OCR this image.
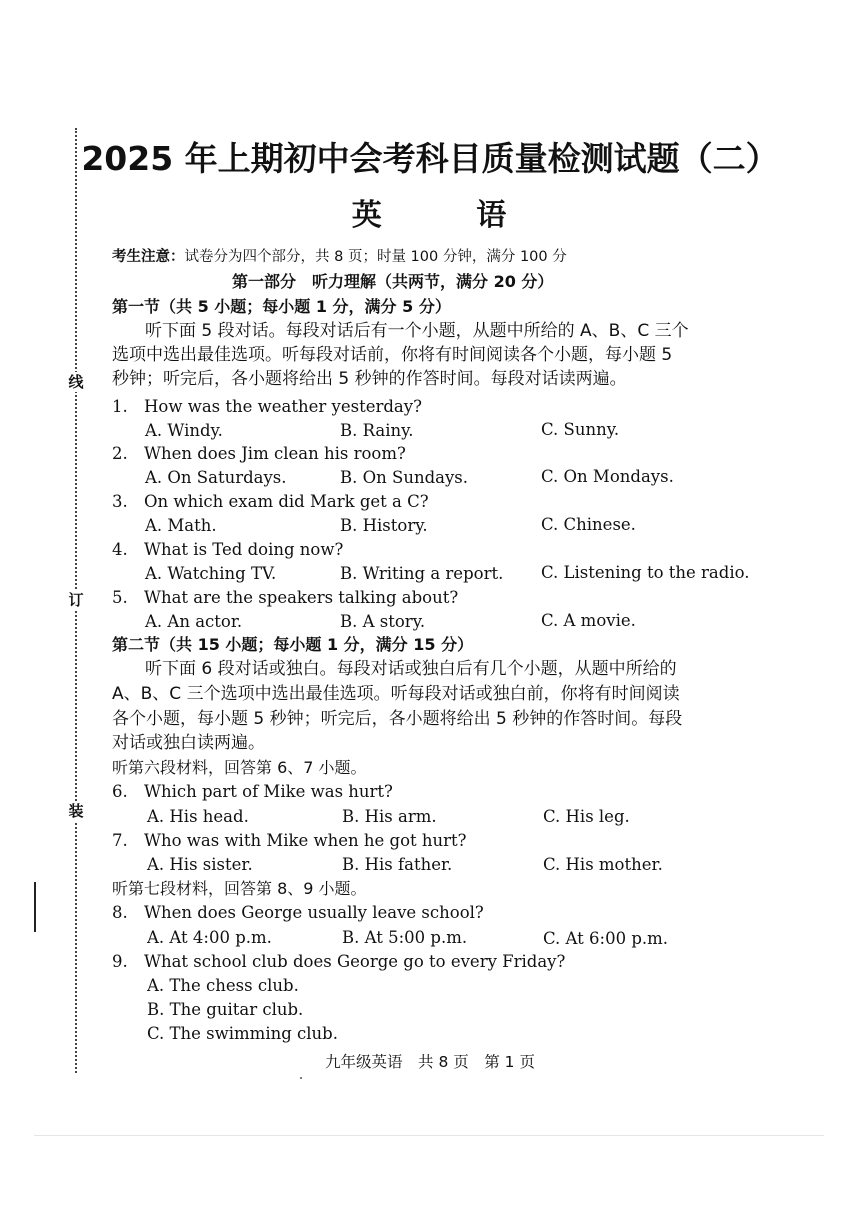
线
订
装
2025 年上期初中会考科目质量检测试题（二）
英 语
考生注意：试卷分为四个部分，共 8 页；时量 100 分钟，满分 100 分
第一部分　听力理解（共两节，满分 20 分）
第一节（共 5 小题；每小题 1 分，满分 5 分）
听下面 5 段对话。每段对话后有一个小题，从题中所给的 A、B、C 三个
选项中选出最佳选项。听每段对话前，你将有时间阅读各个小题，每小题 5
秒钟；听完后，各小题将给出 5 秒钟的作答时间。每段对话读两遍。
1. How was the weather yesterday?
A. Windy.	B. Rainy.	C. Sunny.
2. When does Jim clean his room?
A. On Saturdays.	B. On Sundays.	C. On Mondays.
3. On which exam did Mark get a C?
A. Math.	B. History.	C. Chinese.
4. What is Ted doing now?
A. Watching TV.	B. Writing a report. C. Listening to the radio.
5. What are the speakers talking about?
A. An actor.	B. A story.	C. A movie.
第二节（共 15 小题；每小题 1 分，满分 15 分）
听下面 6 段对话或独白。每段对话或独白后有几个小题，从题中所给的
A、B、C 三个选项中选出最佳选项。听每段对话或独白前，你将有时间阅读
各个小题，每小题 5 秒钟；听完后，各小题将给出 5 秒钟的作答时间。每段
对话或独白读两遍。
听第六段材料，回答第 6、7 小题。
6. Which part of Mike was hurt?
A. His head.	B. His arm.	C. His leg.
7. Who was with Mike when he got hurt?
A. His sister.	B. His father.	C. His mother.
听第七段材料，回答第 8、9 小题。
8. When does George usually leave school?
A. At 4:00 p.m.	B. At 5:00 p.m.	C. At 6:00 p.m.
9. What school club does George go to every Friday?
A. The chess club.
B. The guitar club.
C. The swimming club.
九年级英语　共 8 页　第 1 页
